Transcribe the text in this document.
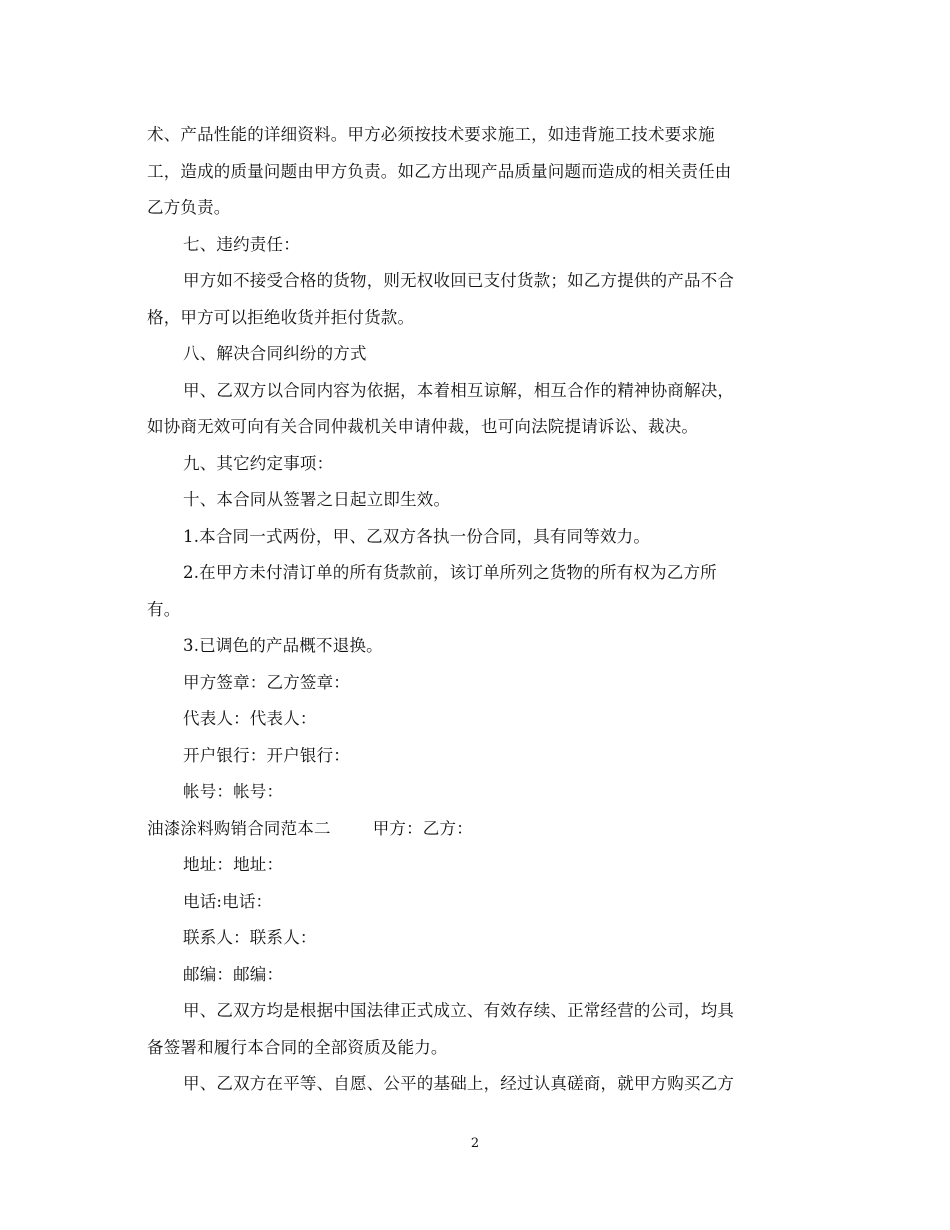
术、产品性能的详细资料。甲方必须按技术要求施工，如违背施工技术要求施
工，造成的质量问题由甲方负责。如乙方出现产品质量问题而造成的相关责任由
乙方负责。
七、违约责任：
甲方如不接受合格的货物，则无权收回已支付货款；如乙方提供的产品不合
格，甲方可以拒绝收货并拒付货款。
八、解决合同纠纷的方式
甲、乙双方以合同内容为依据，本着相互谅解，相互合作的精神协商解决，
如协商无效可向有关合同仲裁机关申请仲裁，也可向法院提请诉讼、裁决。
九、其它约定事项：
十、本合同从签署之日起立即生效。
1.本合同一式两份，甲、乙双方各执一份合同，具有同等效力。
2.在甲方未付清订单的所有货款前，该订单所列之货物的所有权为乙方所
有。
3.已调色的产品概不退换。
甲方签章：乙方签章：
代表人：代表人：
开户银行：开户银行：
帐号：帐号：
油漆涂料购销合同范本二	甲方：乙方：
地址：地址：
电话:电话：
联系人：联系人：
邮编：邮编：
甲、乙双方均是根据中国法律正式成立、有效存续、正常经营的公司，均具
备签署和履行本合同的全部资质及能力。
甲、乙双方在平等、自愿、公平的基础上，经过认真磋商，就甲方购买乙方
2
